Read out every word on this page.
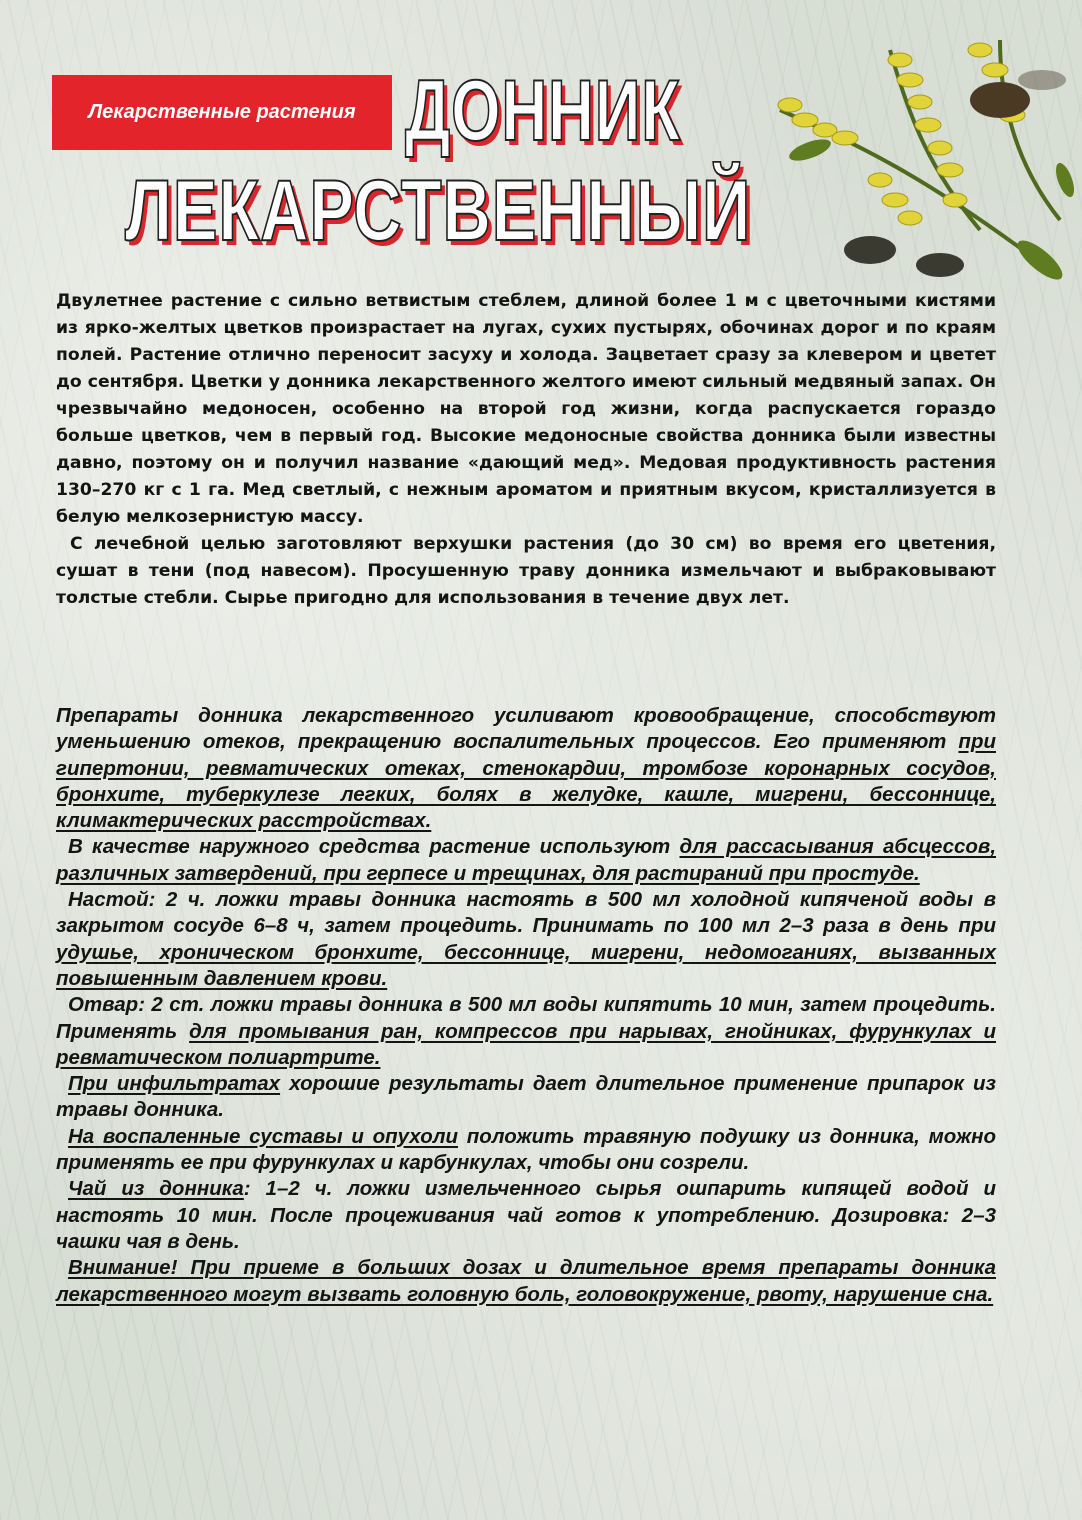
Лекарственные растения ДОННИК
ЛЕКАРСТВЕННЫЙ

Двулетнее растение с сильно ветвистым стеблем, длиной более 1 м с цветочными кистями из ярко-желтых цветков произрастает на лугах, сухих пустырях, обочинах дорог и по краям полей. Растение отлично переносит засуху и холода. Зацветает сразу за клевером и цветет до сентября. Цветки у донника лекарственного желтого имеют сильный медвяный запах. Он чрезвычайно медоносен, особенно на второй год жизни, когда распускается гораздо больше цветков, чем в первый год. Высокие медоносные свойства донника были известны давно, поэтому он и получил название «дающий мед». Медовая продуктивность растения 130–270 кг с 1 га. Мед светлый, с нежным ароматом и приятным вкусом, кристаллизуется в белую мелкозернистую массу.

С лечебной целью заготовляют верхушки растения (до 30 см) во время его цветения, сушат в тени (под навесом). Просушенную траву донника измельчают и выбраковывают толстые стебли. Сырье пригодно для использования в течение двух лет.

Препараты донника лекарственного усиливают кровообращение, способствуют уменьшению отеков, прекращению воспалительных процессов. Его применяют при гипертонии, ревматических отеках, стенокардии, тромбозе коронарных сосудов, бронхите, туберкулезе легких, болях в желудке, кашле, мигрени, бессоннице, климактерических расстройствах.

В качестве наружного средства растение используют для рассасывания абсцессов, различных затвердений, при герпесе и трещинах, для растираний при простуде.

Настой: 2 ч. ложки травы донника настоять в 500 мл холодной кипяченой воды в закрытом сосуде 6–8 ч, затем процедить. Принимать по 100 мл 2–3 раза в день при удушье, хроническом бронхите, бессоннице, мигрени, недомоганиях, вызванных повышенным давлением крови.

Отвар: 2 ст. ложки травы донника в 500 мл воды кипятить 10 мин, затем процедить. Применять для промывания ран, компрессов при нарывах, гнойниках, фурункулах и ревматическом полиартрите.

При инфильтратах хорошие результаты дает длительное применение припарок из травы донника.

На воспаленные суставы и опухоли положить травяную подушку из донника, можно применять ее при фурункулах и карбункулах, чтобы они созрели.

Чай из донника: 1–2 ч. ложки измельченного сырья ошпарить кипящей водой и настоять 10 мин. После процеживания чай готов к употреблению. Дозировка: 2–3 чашки чая в день.

Внимание! При приеме в больших дозах и длительное время препараты донника лекарственного могут вызвать головную боль, головокружение, рвоту, нарушение сна.
